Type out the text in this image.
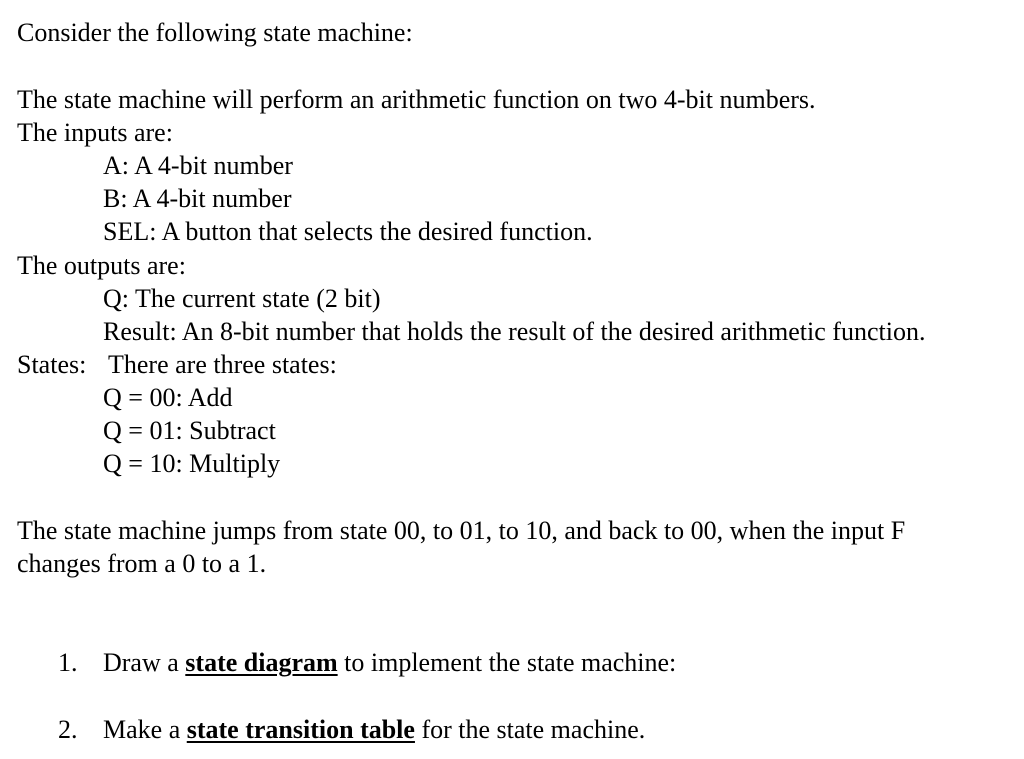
Consider the following state machine:
The state machine will perform an arithmetic function on two 4-bit numbers.
The inputs are:
A: A 4-bit number
B: A 4-bit number
SEL: A button that selects the desired function.
The outputs are:
Q: The current state (2 bit)
Result: An 8-bit number that holds the result of the desired arithmetic function.
States: There are three states:
Q = 00: Add
Q = 01: Subtract
Q = 10: Multiply
The state machine jumps from state 00, to 01, to 10, and back to 00, when the input F
changes from a 0 to a 1.
1. Draw a state diagram to implement the state machine:
2. Make a state transition table for the state machine.
